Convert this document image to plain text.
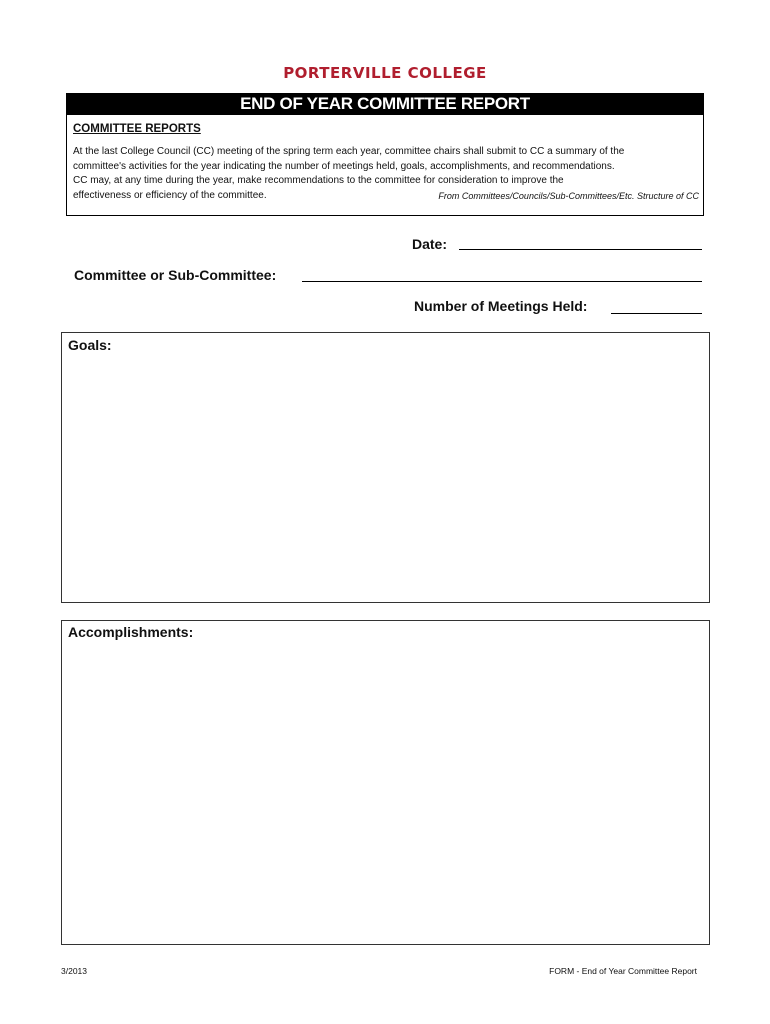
PORTERVILLE COLLEGE
END OF YEAR COMMITTEE REPORT
COMMITTEE REPORTS
At the last College Council (CC) meeting of the spring term each year, committee chairs shall submit to CC a summary of the
committee's activities for the year indicating the number of meetings held, goals, accomplishments, and recommendations.
CC may, at any time during the year, make recommendations to the committee for consideration to improve the
effectiveness or efficiency of the committee.	From Committees/Councils/Sub-Committees/Etc. Structure of CC
Date:
Committee or Sub-Committee:
Number of Meetings Held:
Goals:
Accomplishments:
3/2013	FORM - End of Year Committee Report
